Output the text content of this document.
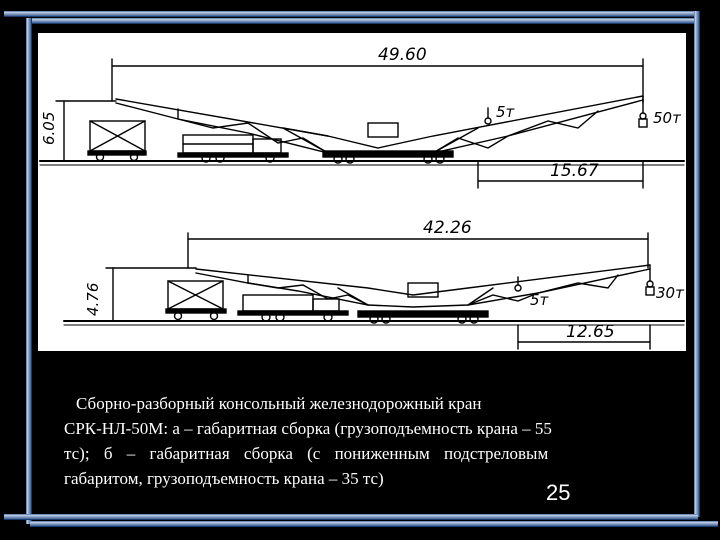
49.60
6.05	5т	50т
15.67
42.26
4.76	5т	30т
12.65
Сборно-разборный консольный железнодорожный кран
СРК-НЛ-50М: а – габаритная сборка (грузоподъемность крана – 55
тс); б – габаритная сборка (с пониженным подстреловым
габаритом, грузоподъемность крана – 35 тс)
25
